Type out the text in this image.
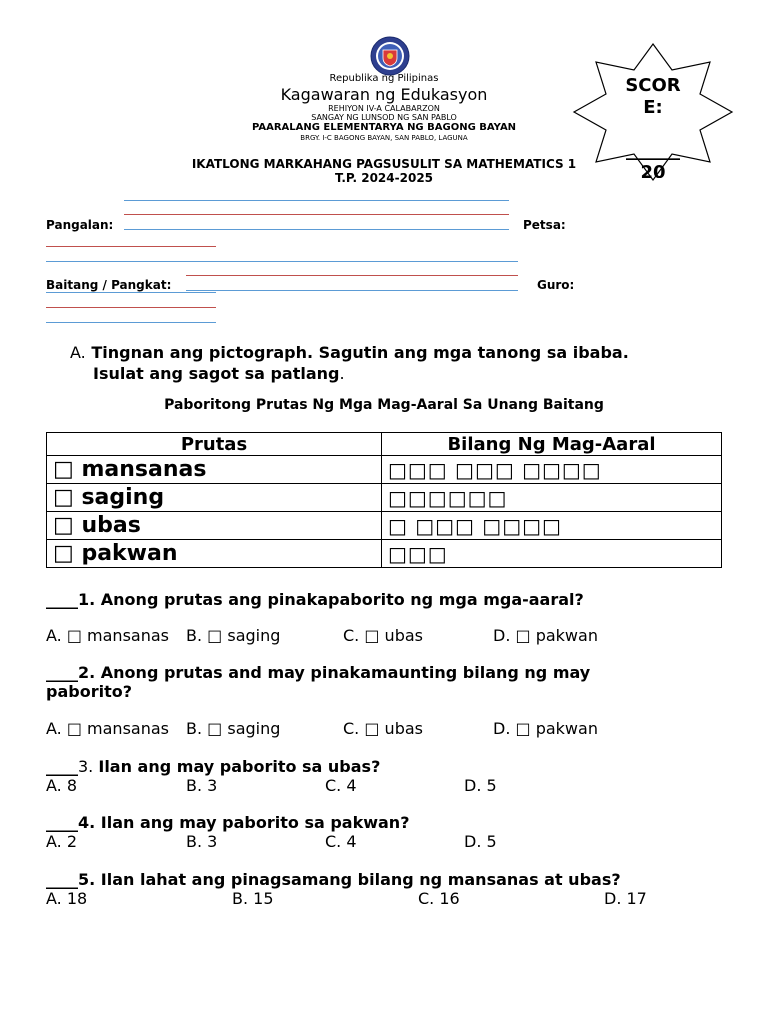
Republika ng Pilipinas
Kagawaran ng Edukasyon
REHIYON IV-A CALABARZON
SANGAY NG LUNSOD NG SAN PABLO
PAARALANG ELEMENTARYA NG BAGONG BAYAN
BRGY. I-C BAGONG BAYAN, SAN PABLO, LAGUNA
IKATLONG MARKAHANG PAGSUSULIT SA MATHEMATICS 1
T.P. 2024-2025
SCOR
E:
______
20
Pangalan:	Petsa:
Baitang / Pangkat:	Guro:
A. Tingnan ang pictograph. Sagutin ang mga tanong sa ibaba.
Isulat ang sagot sa patlang.
Paboritong Prutas Ng Mga Mag-Aaral Sa Unang Baitang
Prutas	Bilang Ng Mag-Aaral
□ mansanas	□□□ □□□ □□□□
□ saging	□□□□□□
□ ubas	□ □□□ □□□□
□ pakwan	□□□
____1. Anong prutas ang pinakapaborito ng mga mga-aaral?
A. □ mansanas B. □ saging	C. □ ubas	D. □ pakwan
____2. Anong prutas and may pinakamaunting bilang ng may
paborito?
A. □ mansanas B. □ saging	C. □ ubas	D. □ pakwan
____3. Ilan ang may paborito sa ubas?
A. 8	B. 3	C. 4	D. 5
____4. Ilan ang may paborito sa pakwan?
A. 2	B. 3	C. 4	D. 5
____5. Ilan lahat ang pinagsamang bilang ng mansanas at ubas?
A. 18	B. 15	C. 16	D. 17
